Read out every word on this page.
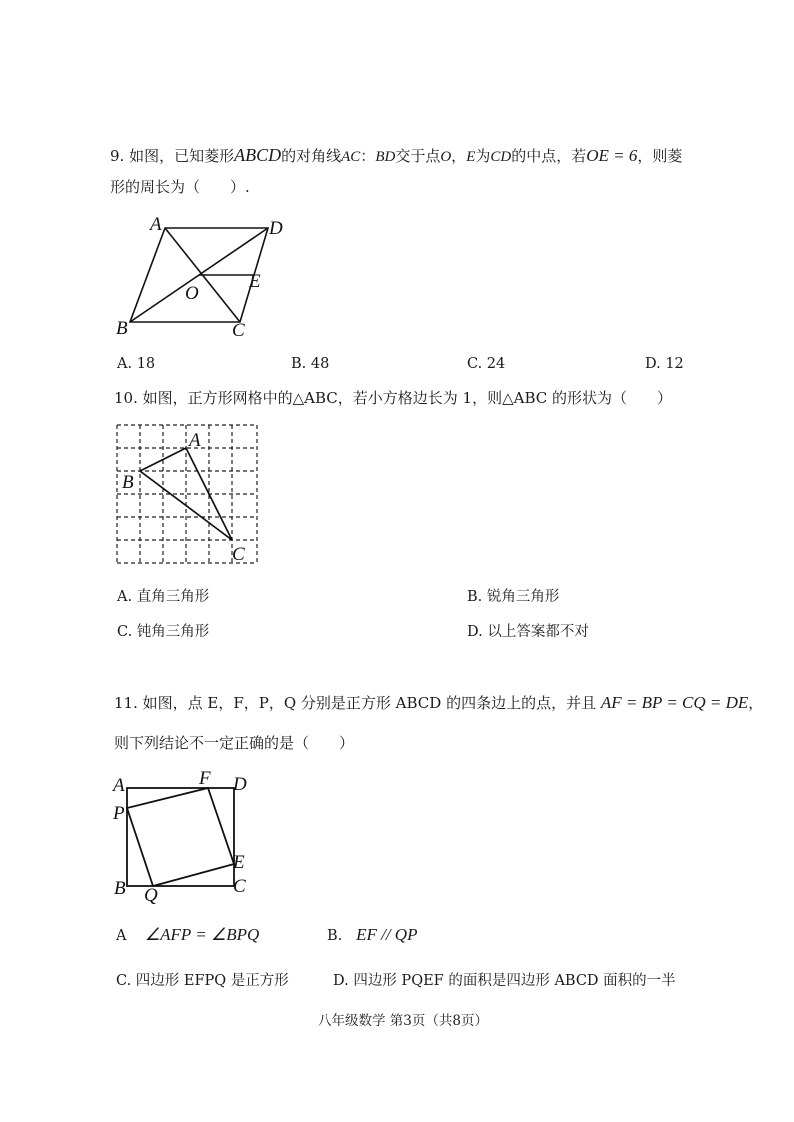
9. 如图，已知菱形ABCD的对角线AC：BD交于点O，E为CD的中点，若OE = 6，则菱
形的周长为（　　）.
A	D
E
O
B	C
A. 18	B. 48	C. 24	D. 12
10. 如图，正方形网格中的△ABC，若小方格边长为 1，则△ABC 的形状为（　　）
A
B
C
A. 直角三角形	B. 锐角三角形
C. 钝角三角形	D. 以上答案都不对
11. 如图，点 E，F，P，Q 分别是正方形 ABCD 的四条边上的点，并且 AF = BP = CQ = DE，
则下列结论不一定正确的是（　　）
A	F D
P
E
B Q	C
A ∠AFP = ∠BPQ	B. EF // QP
C. 四边形 EFPQ 是正方形	D. 四边形 PQEF 的面积是四边形 ABCD 面积的一半
八年级数学 第3页（共8页）
